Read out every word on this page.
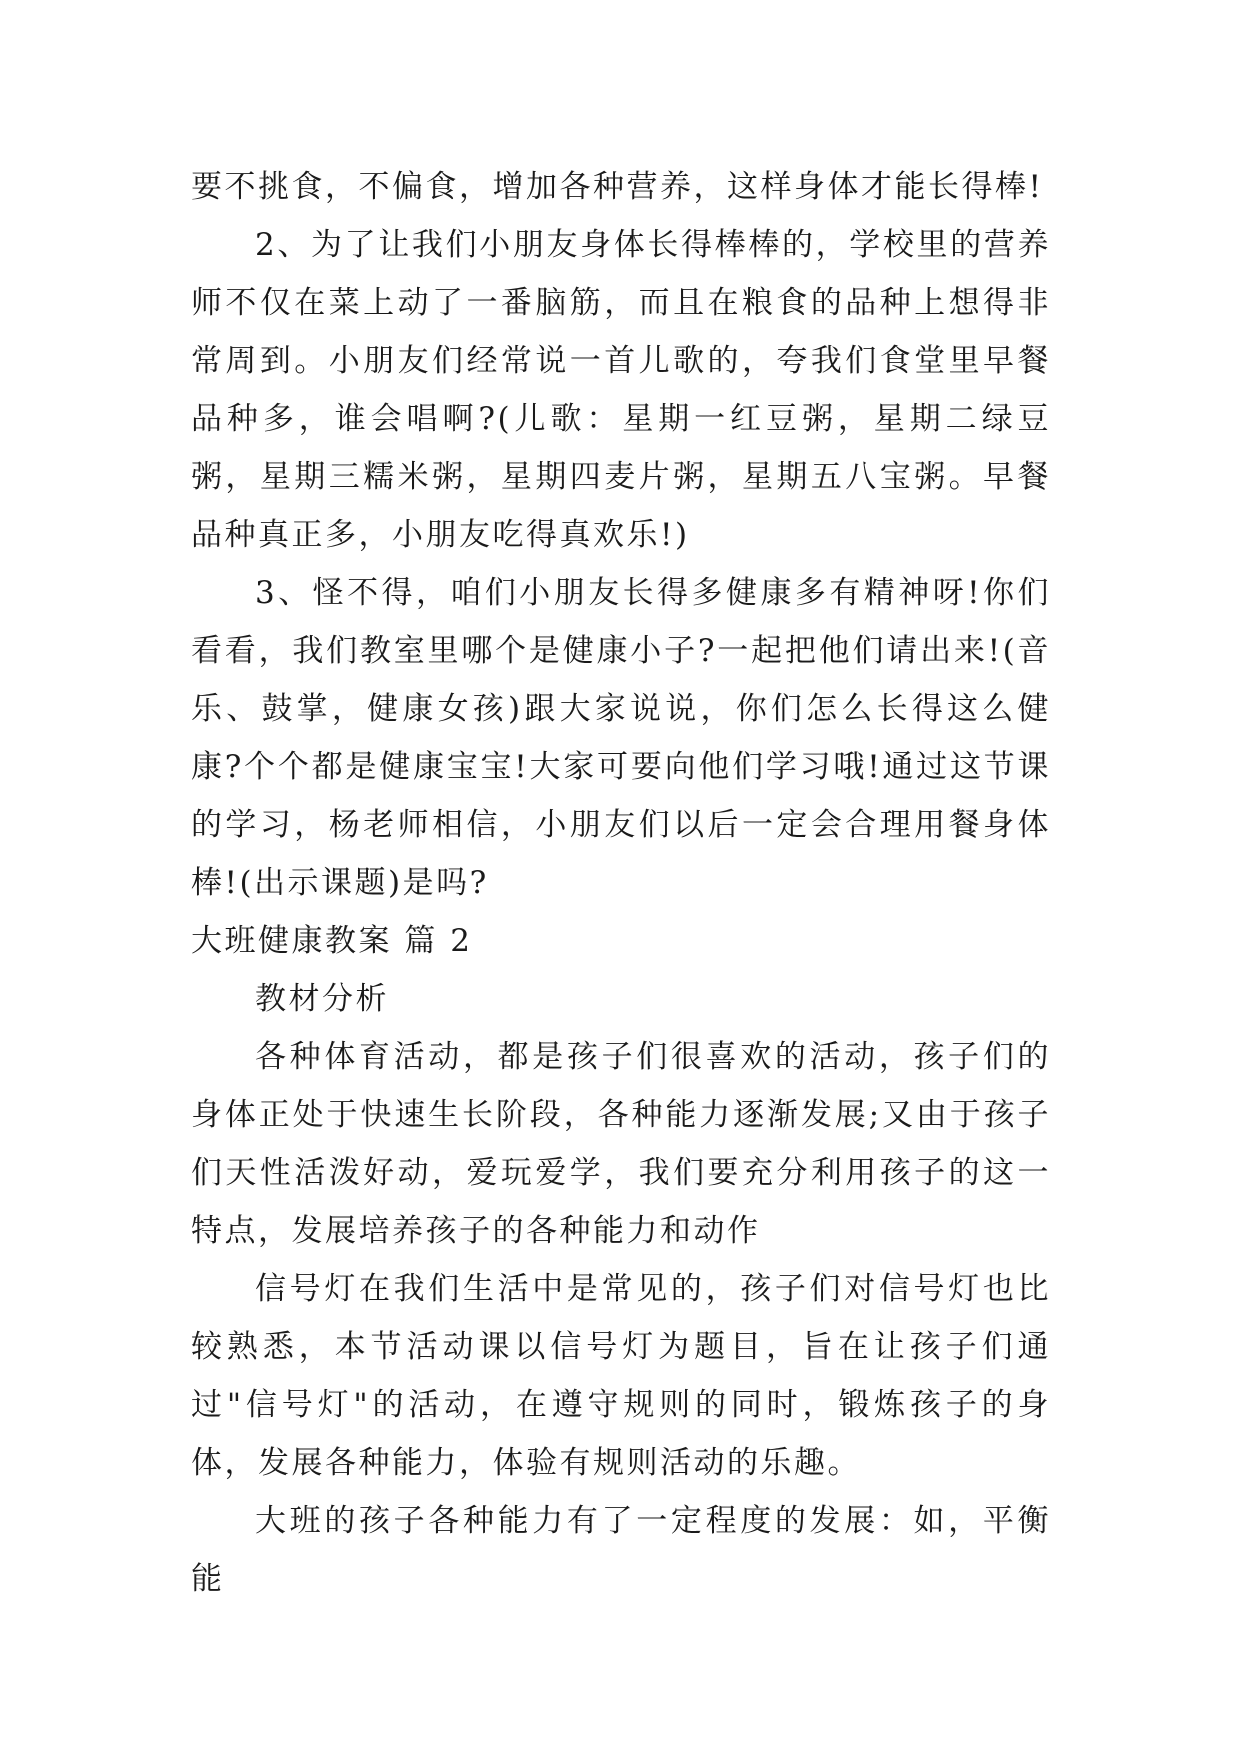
要不挑食，不偏食，增加各种营养，这样身体才能长得棒!

2、为了让我们小朋友身体长得棒棒的，学校里的营养师不仅在菜上动了一番脑筋，而且在粮食的品种上想得非常周到。小朋友们经常说一首儿歌的，夸我们食堂里早餐品种多，谁会唱啊?(儿歌：星期一红豆粥，星期二绿豆粥，星期三糯米粥，星期四麦片粥，星期五八宝粥。早餐品种真正多，小朋友吃得真欢乐!)

3、怪不得，咱们小朋友长得多健康多有精神呀!你们看看，我们教室里哪个是健康小子?一起把他们请出来!(音乐、鼓掌，健康女孩)跟大家说说，你们怎么长得这么健康?个个都是健康宝宝!大家可要向他们学习哦!通过这节课的学习，杨老师相信，小朋友们以后一定会合理用餐身体棒!(出示课题)是吗?

大班健康教案 篇 2

教材分析

各种体育活动，都是孩子们很喜欢的活动，孩子们的身体正处于快速生长阶段，各种能力逐渐发展;又由于孩子们天性活泼好动，爱玩爱学，我们要充分利用孩子的这一特点，发展培养孩子的各种能力和动作

信号灯在我们生活中是常见的，孩子们对信号灯也比较熟悉，本节活动课以信号灯为题目，旨在让孩子们通过"信号灯"的活动，在遵守规则的同时，锻炼孩子的身体，发展各种能力，体验有规则活动的乐趣。

大班的孩子各种能力有了一定程度的发展：如，平衡能
